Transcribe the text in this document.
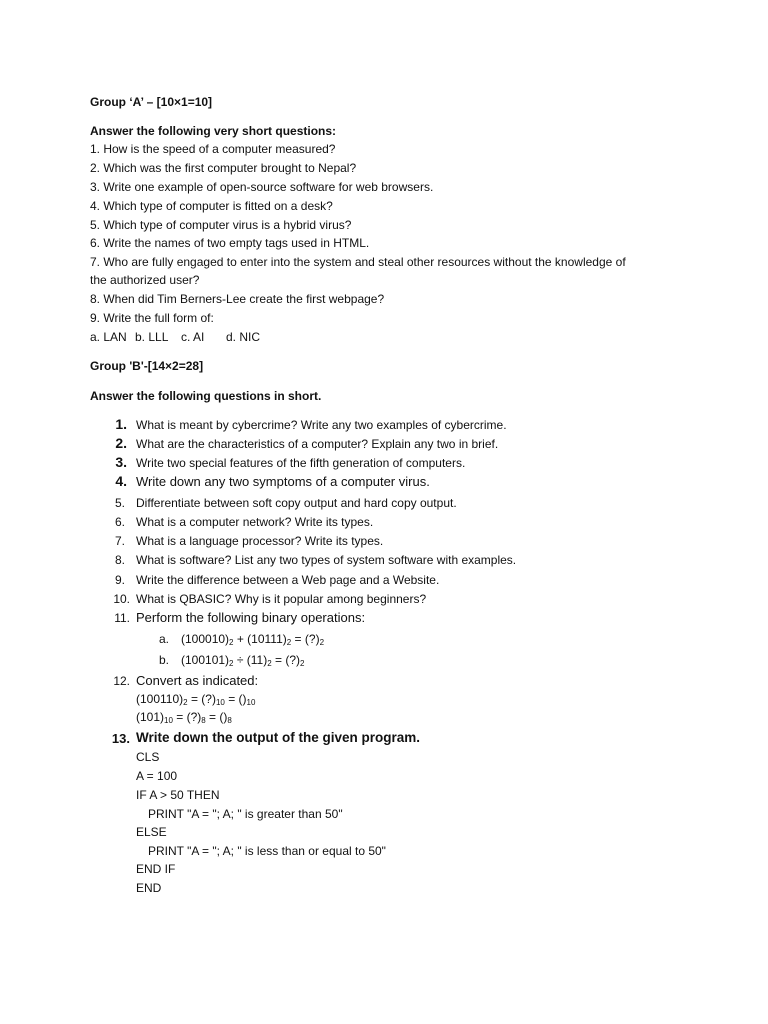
Group ‘A’ – [10×1=10]
Answer the following very short questions:
1. How is the speed of a computer measured?
2. Which was the first computer brought to Nepal?
3. Write one example of open-source software for web browsers.
4. Which type of computer is fitted on a desk?
5. Which type of computer virus is a hybrid virus?
6. Write the names of two empty tags used in HTML.
7. Who are fully engaged to enter into the system and steal other resources without the knowledge of
the authorized user?
8. When did Tim Berners-Lee create the first webpage?
9. Write the full form of:
a. LAN b. LLL c. AI d. NIC
Group 'B'-[14×2=28]
Answer the following questions in short.
1. What is meant by cybercrime? Write any two examples of cybercrime.
2. What are the characteristics of a computer? Explain any two in brief.
3. Write two special features of the fifth generation of computers.
4. Write down any two symptoms of a computer virus.
5. Differentiate between soft copy output and hard copy output.
6. What is a computer network? Write its types.
7. What is a language processor? Write its types.
8. What is software? List any two types of system software with examples.
9. Write the difference between a Web page and a Website.
10. What is QBASIC? Why is it popular among beginners?
11. Perform the following binary operations:
a. $(100010)_2 + (10111)_2$ = $(?)_2$
b. $(100101)_2 \div (11)_2$ = $(?)_2$
12. Convert as indicated:
$(100110)_2$ = $(?)_{10} = ()_{10}$
$(101)_{10}$ = $(?)_8 = ()_8$
13. Write down the output of the given program.
CLS
A = 100
IF A > 50 THEN
PRINT "A = "; A; " is greater than 50"
ELSE
PRINT "A = "; A; " is less than or equal to 50"
END IF
END
